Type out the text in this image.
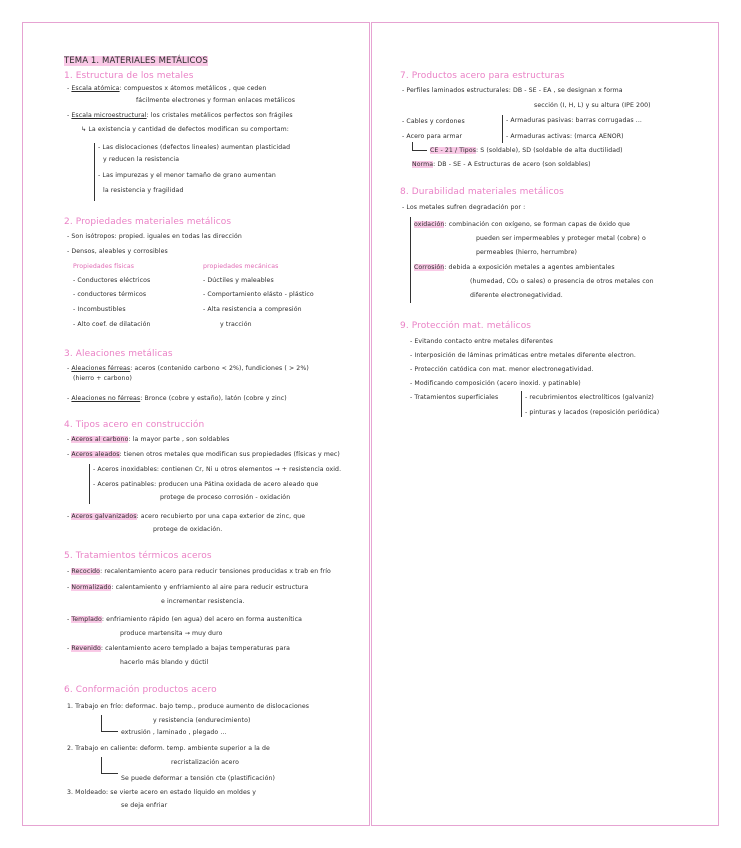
TEMA 1. MATERIALES METÁLICOS
1. Estructura de los metales
- Escala atómica: compuestos x átomos metálicos , que ceden
fácilmente electrones y forman enlaces metálicos
- Escala microestructural: los cristales metálicos perfectos son frágiles
↳ La existencia y cantidad de defectos modifican su comportam:
- Las dislocaciones (defectos lineales) aumentan plasticidad
y reducen la resistencia
- Las impurezas y el menor tamaño de grano aumentan
la resistencia y fragilidad
2. Propiedades materiales metálicos
- Son isótropos: propied. iguales en todas las dirección
- Densos, aleables y corrosibles
Propiedades físicas
- Conductores eléctricos
- conductores térmicos
- Incombustibles
- Alto coef. de dilatación
propiedades mecánicas
- Dúctiles y maleables
- Comportamiento elásto - plástico
- Alta resistencia a compresión
y tracción
3. Aleaciones metálicas
- Aleaciones férreas: aceros (contenido carbono < 2%), fundiciones ( > 2%)
(hierro + carbono)
- Aleaciones no férreas: Bronce (cobre y estaño), latón (cobre y zinc)
4. Tipos acero en construcción
- Aceros al carbono: la mayor parte , son soldables
- Aceros aleados: tienen otros metales que modifican sus propiedades (físicas y mec)
- Aceros inoxidables: contienen Cr, Ni u otros elementos → + resistencia oxid.
- Aceros patinables: producen una Pátina oxidada de acero aleado que
protege de proceso corrosión - oxidación
- Aceros galvanizados: acero recubierto por una capa exterior de zinc, que
protege de oxidación.
5. Tratamientos térmicos aceros
- Recocido: recalentamiento acero para reducir tensiones producidas x trab en frío
- Normalizado: calentamiento y enfriamiento al aire para reducir estructura
e incrementar resistencia.
- Templado: enfriamiento rápido (en agua) del acero en forma austenítica
produce martensita → muy duro
- Revenido: calentamiento acero templado a bajas temperaturas para
hacerlo más blando y dúctil
6. Conformación productos acero
1. Trabajo en frío: deformac. bajo temp., produce aumento de dislocaciones
y resistencia (endurecimiento)
extrusión , laminado , plegado ...
2. Trabajo en caliente: deform. temp. ambiente superior a la de
recristalización acero
Se puede deformar a tensión cte (plastificación)
3. Moldeado: se vierte acero en estado líquido en moldes y
se deja enfriar
7. Productos acero para estructuras
- Perfiles laminados estructurales: DB - SE - EA , se designan x forma
sección (I, H, L) y su altura (IPE 200)
- Cables y cordones
- Acero para armar
- Armaduras pasivas: barras corrugadas ...
- Armaduras activas: (marca AENOR)
CE - 21 / Tipos: S (soldable), SD (soldable de alta ductilidad)
Norma: DB - SE - A Estructuras de acero (son soldables)
8. Durabilidad materiales metálicos
- Los metales sufren degradación por :
oxidación: combinación con oxígeno, se forman capas de óxido que
pueden ser impermeables y proteger metal (cobre) o
permeables (hierro, herrumbre)
Corrosión: debida a exposición metales a agentes ambientales
(humedad, CO₂ o sales) o presencia de otros metales con
diferente electronegatividad.
9. Protección mat. metálicos
- Evitando contacto entre metales diferentes
- Interposición de láminas primáticas entre metales diferente electron.
- Protección catódica con mat. menor electronegatividad.
- Modificando composición (acero inoxid. y patinable)
- Tratamientos superficiales	- recubrimientos electrolíticos (galvaniz)
- pinturas y lacados (reposición periódica)
